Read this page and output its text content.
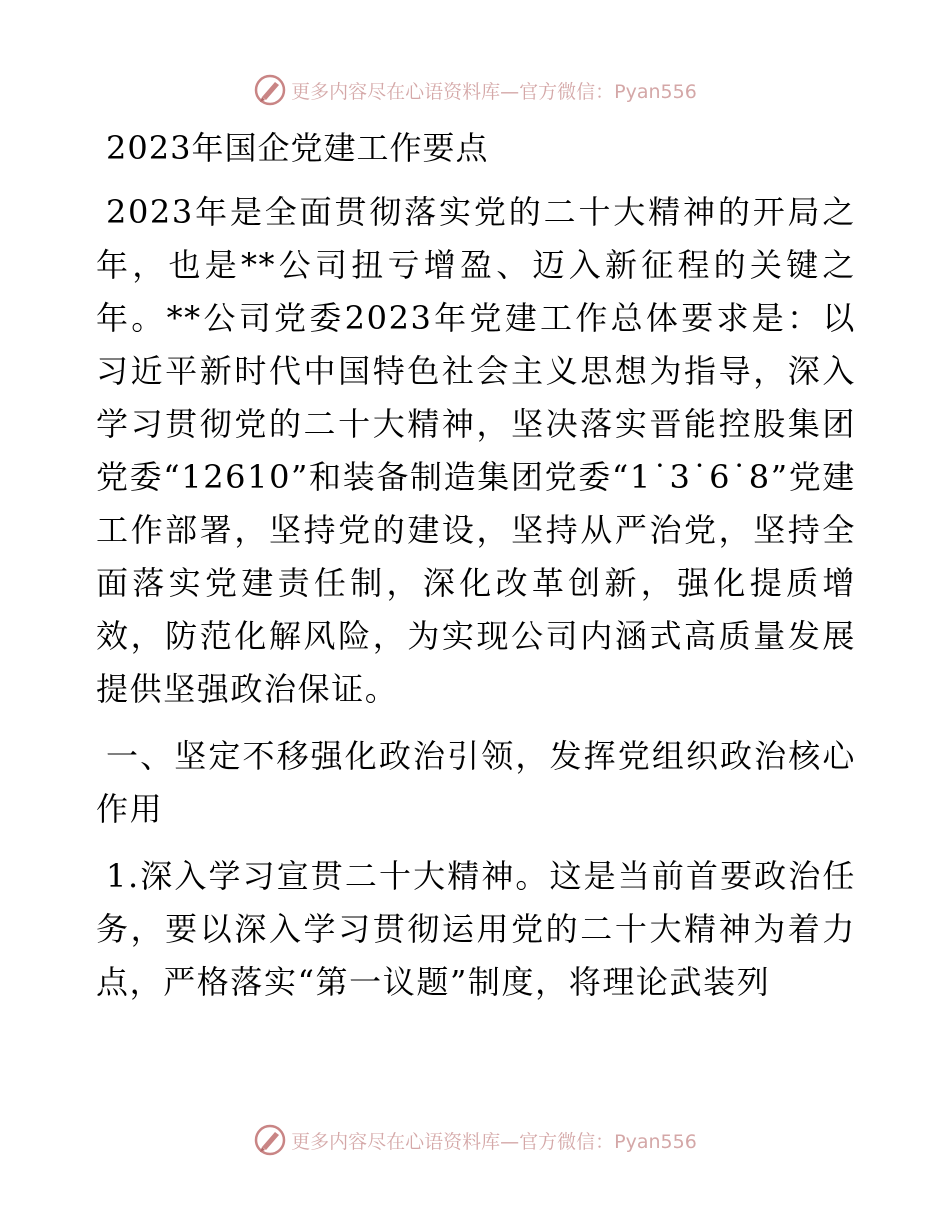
更多内容尽在心语资料库—官方微信：Pyan556
2023年国企党建工作要点

2023年是全面贯彻落实党的二十大精神的开局之年，也是**公司扭亏增盈、迈入新征程的关键之年。**公司党委2023年党建工作总体要求是：以习近平新时代中国特色社会主义思想为指导，深入学习贯彻党的二十大精神，坚决落实晋能控股集团党委“12610”和装备制造集团党委“1˙3˙6˙8”党建工作部署，坚持党的建设，坚持从严治党，坚持全面落实党建责任制，深化改革创新，强化提质增效，防范化解风险，为实现公司内涵式高质量发展提供坚强政治保证。

一、坚定不移强化政治引领，发挥党组织政治核心作用

1.深入学习宣贯二十大精神。这是当前首要政治任务，要以深入学习贯彻运用党的二十大精神为着力点，严格落实“第一议题”制度，将理论武装列

更多内容尽在心语资料库—官方微信：Pyan556
